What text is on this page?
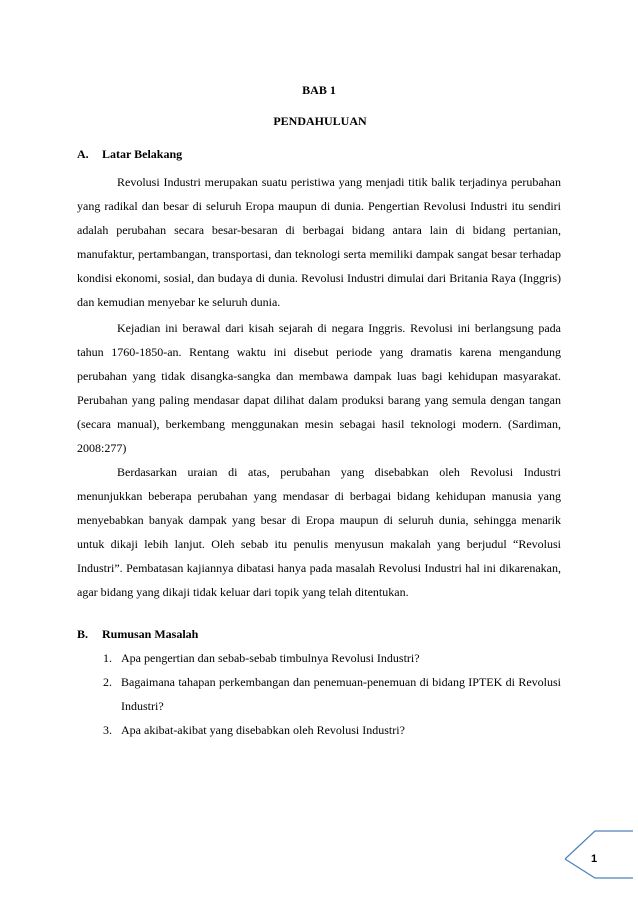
BAB 1
PENDAHULUAN
A. Latar Belakang

Revolusi Industri merupakan suatu peristiwa yang menjadi titik balik terjadinya perubahan yang radikal dan besar di seluruh Eropa maupun di dunia. Pengertian Revolusi Industri itu sendiri adalah perubahan secara besar-besaran di berbagai bidang antara lain di bidang pertanian, manufaktur, pertambangan, transportasi, dan teknologi serta memiliki dampak sangat besar terhadap kondisi ekonomi, sosial, dan budaya di dunia. Revolusi Industri dimulai dari Britania Raya (Inggris) dan kemudian menyebar ke seluruh dunia.

Kejadian ini berawal dari kisah sejarah di negara Inggris. Revolusi ini berlangsung pada tahun 1760-1850-an. Rentang waktu ini disebut periode yang dramatis karena mengandung perubahan yang tidak disangka-sangka dan membawa dampak luas bagi kehidupan masyarakat. Perubahan yang paling mendasar dapat dilihat dalam produksi barang yang semula dengan tangan (secara manual), berkembang menggunakan mesin sebagai hasil teknologi modern. (Sardiman, 2008:277)

Berdasarkan uraian di atas, perubahan yang disebabkan oleh Revolusi Industri menunjukkan beberapa perubahan yang mendasar di berbagai bidang kehidupan manusia yang menyebabkan banyak dampak yang besar di Eropa maupun di seluruh dunia, sehingga menarik untuk dikaji lebih lanjut. Oleh sebab itu penulis menyusun makalah yang berjudul “Revolusi Industri”. Pembatasan kajiannya dibatasi hanya pada masalah Revolusi Industri hal ini dikarenakan, agar bidang yang dikaji tidak keluar dari topik yang telah ditentukan.

B. Rumusan Masalah
1. Apa pengertian dan sebab-sebab timbulnya Revolusi Industri?
2. Bagaimana tahapan perkembangan dan penemuan-penemuan di bidang IPTEK di Revolusi Industri?
3. Apa akibat-akibat yang disebabkan oleh Revolusi Industri?
1
